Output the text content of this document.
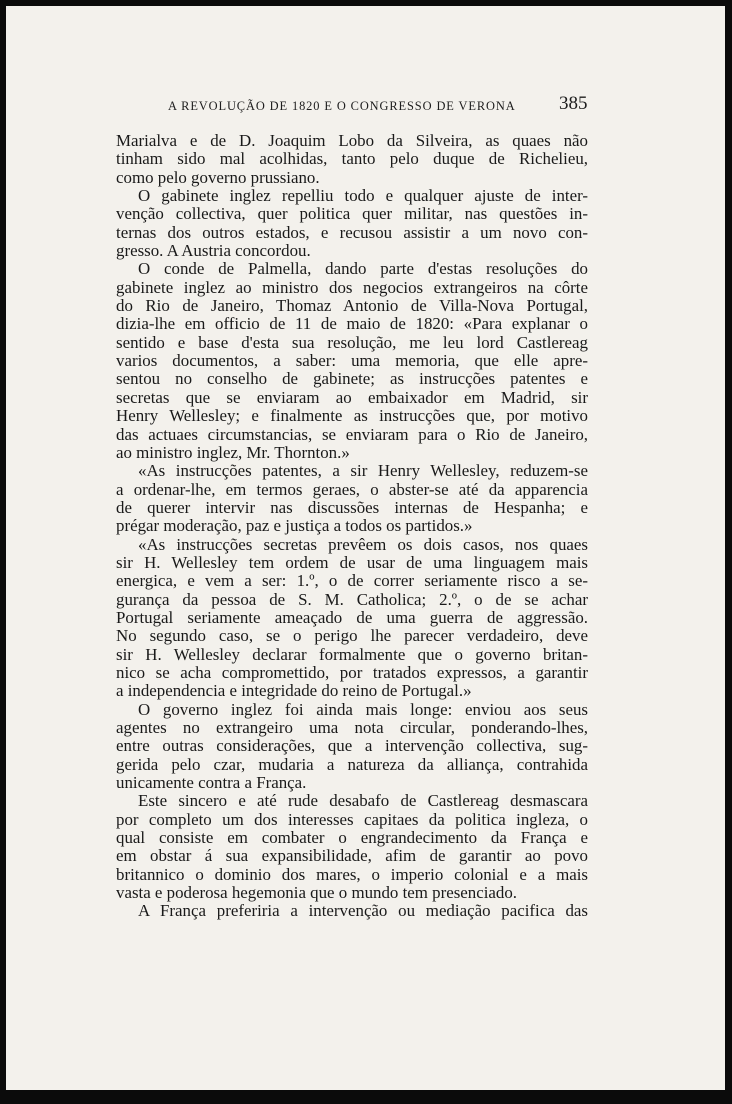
A REVOLUÇÃO DE 1820 E O CONGRESSO DE VERONA 385

Marialva e de D. Joaquim Lobo da Silveira, as quaes não

tinham sido mal acolhidas, tanto pelo duque de Richelieu,

como pelo governo prussiano.

O gabinete inglez repelliu todo e qualquer ajuste de inter-

venção collectiva, quer politica quer militar, nas questões in-

ternas dos outros estados, e recusou assistir a um novo con-

gresso. A Austria concordou.

O conde de Palmella, dando parte d'estas resoluções do

gabinete inglez ao ministro dos negocios extrangeiros na côrte

do Rio de Janeiro, Thomaz Antonio de Villa-Nova Portugal,

dizia-lhe em officio de 11 de maio de 1820: «Para explanar o

sentido e base d'esta sua resolução, me leu lord Castlereag

varios documentos, a saber: uma memoria, que elle apre-

sentou no conselho de gabinete; as instrucções patentes e

secretas que se enviaram ao embaixador em Madrid, sir

Henry Wellesley; e finalmente as instrucções que, por motivo

das actuaes circumstancias, se enviaram para o Rio de Janeiro,

ao ministro inglez, Mr. Thornton.»

«As instrucções patentes, a sir Henry Wellesley, reduzem-se

a ordenar-lhe, em termos geraes, o abster-se até da apparencia

de querer intervir nas discussões internas de Hespanha; e

prégar moderação, paz e justiça a todos os partidos.»

«As instrucções secretas prevêem os dois casos, nos quaes

sir H. Wellesley tem ordem de usar de uma linguagem mais

energica, e vem a ser: 1.º, o de correr seriamente risco a se-

gurança da pessoa de S. M. Catholica; 2.º, o de se achar

Portugal seriamente ameaçado de uma guerra de aggressão.

No segundo caso, se o perigo lhe parecer verdadeiro, deve

sir H. Wellesley declarar formalmente que o governo britan-

nico se acha compromettido, por tratados expressos, a garantir

a independencia e integridade do reino de Portugal.»

O governo inglez foi ainda mais longe: enviou aos seus

agentes no extrangeiro uma nota circular, ponderando-lhes,

entre outras considerações, que a intervenção collectiva, sug-

gerida pelo czar, mudaria a natureza da alliança, contrahida

unicamente contra a França.

Este sincero e até rude desabafo de Castlereag desmascara

por completo um dos interesses capitaes da politica ingleza, o

qual consiste em combater o engrandecimento da França e

em obstar á sua expansibilidade, afim de garantir ao povo

britannico o dominio dos mares, o imperio colonial e a mais

vasta e poderosa hegemonia que o mundo tem presenciado.

A França preferiria a intervenção ou mediação pacifica das
